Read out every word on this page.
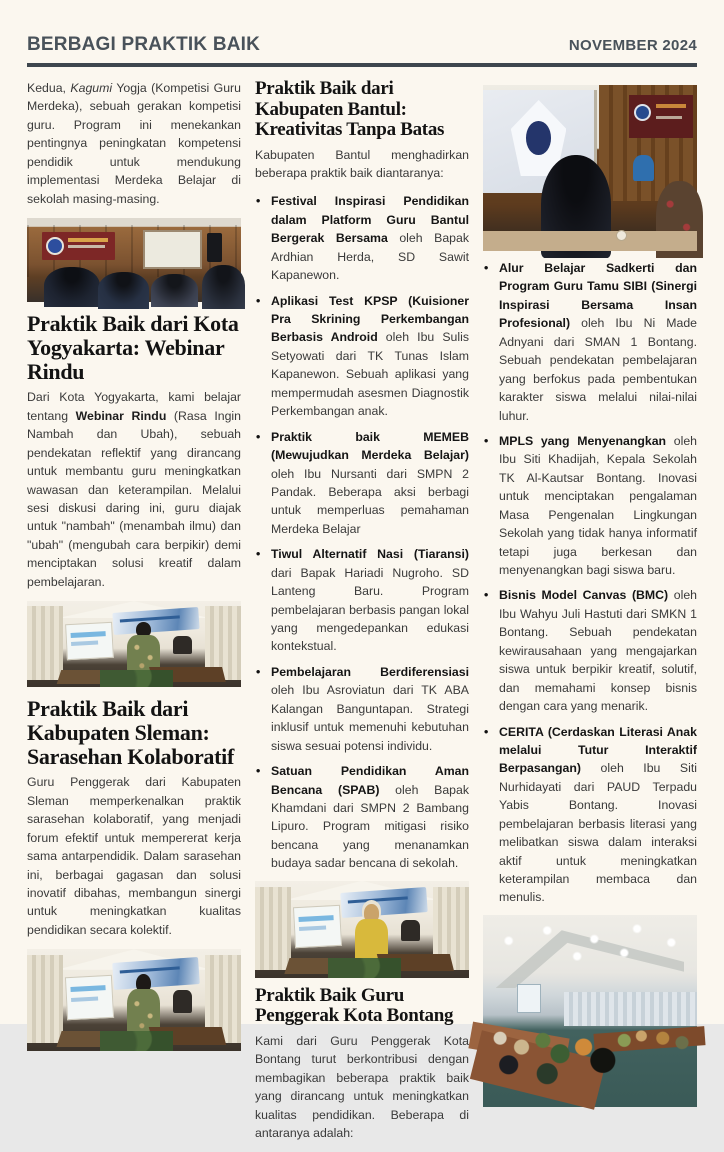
BERBAGI PRAKTIK BAIK	NOVEMBER 2024

Kedua, Kagumi Yogja (Kompetisi Guru Merdeka), sebuah gerakan kompetisi guru. Program ini menekankan pentingnya peningkatan kompetensi pendidik untuk mendukung implementasi Merdeka Belajar di sekolah masing-masing.

Praktik Baik dari Kota Yogyakarta: Webinar Rindu

Dari Kota Yogyakarta, kami belajar tentang Webinar Rindu (Rasa Ingin Nambah dan Ubah), sebuah pendekatan reflektif yang dirancang untuk membantu guru meningkatkan wawasan dan keterampilan. Melalui sesi diskusi daring ini, guru diajak untuk "nambah" (menambah ilmu) dan "ubah" (mengubah cara berpikir) demi menciptakan solusi kreatif dalam pembelajaran.

Praktik Baik dari Kabupaten Sleman: Sarasehan Kolaboratif

Guru Penggerak dari Kabupaten Sleman memperkenalkan praktik sarasehan kolaboratif, yang menjadi forum efektif untuk mempererat kerja sama antarpendidik. Dalam sarasehan ini, berbagai gagasan dan solusi inovatif dibahas, membangun sinergi untuk meningkatkan kualitas pendidikan secara kolektif.

Praktik Baik dari Kabupaten Bantul: Kreativitas Tanpa Batas

Kabupaten Bantul menghadirkan beberapa praktik baik diantaranya:

• Festival Inspirasi Pendidikan dalam Platform Guru Bantul Bergerak Bersama oleh Bapak Ardhian Herda, SD Sawit Kapanewon.
• Aplikasi Test KPSP (Kuisioner Pra Skrining Perkembangan Berbasis Android oleh Ibu Sulis Setyowati dari TK Tunas Islam Kapanewon. Sebuah aplikasi yang mempermudah asesmen Diagnostik Perkembangan anak.
• Praktik baik MEMEB (Mewujudkan Merdeka Belajar) oleh Ibu Nursanti dari SMPN 2 Pandak. Beberapa aksi berbagi untuk memperluas pemahaman Merdeka Belajar
• Tiwul Alternatif Nasi (Tiaransi) dari Bapak Hariadi Nugroho. SD Lanteng Baru. Program pembelajaran berbasis pangan lokal yang mengedepankan edukasi kontekstual.
• Pembelajaran Berdiferensiasi oleh Ibu Asroviatun dari TK ABA Kalangan Banguntapan. Strategi inklusif untuk memenuhi kebutuhan siswa sesuai potensi individu.
• Satuan Pendidikan Aman Bencana (SPAB) oleh Bapak Khamdani dari SMPN 2 Bambang Lipuro. Program mitigasi risiko bencana yang menanamkan budaya sadar bencana di sekolah.
Praktik Baik Guru Penggerak Kota Bontang

Kami dari Guru Penggerak Kota Bontang turut berkontribusi dengan membagikan beberapa praktik baik yang dirancang untuk meningkatkan kualitas pendidikan. Beberapa di antaranya adalah:

• Alur Belajar Sadkerti dan Program Guru Tamu SIBI (Sinergi Inspirasi Bersama Insan Profesional) oleh Ibu Ni Made Adnyani dari SMAN 1 Bontang. Sebuah pendekatan pembelajaran yang berfokus pada pembentukan karakter siswa melalui nilai-nilai luhur.
• MPLS yang Menyenangkan oleh Ibu Siti Khadijah, Kepala Sekolah TK Al-Kautsar Bontang. Inovasi untuk menciptakan pengalaman Masa Pengenalan Lingkungan Sekolah yang tidak hanya informatif tetapi juga berkesan dan menyenangkan bagi siswa baru.
• Bisnis Model Canvas (BMC) oleh Ibu Wahyu Juli Hastuti dari SMKN 1 Bontang. Sebuah pendekatan kewirausahaan yang mengajarkan siswa untuk berpikir kreatif, solutif, dan memahami konsep bisnis dengan cara yang menarik.
• CERITA (Cerdaskan Literasi Anak melalui Tutur Interaktif Berpasangan) oleh Ibu Siti Nurhidayati dari PAUD Terpadu Yabis Bontang. Inovasi pembelajaran berbasis literasi yang melibatkan siswa dalam interaksi aktif untuk meningkatkan keterampilan membaca dan menulis.
